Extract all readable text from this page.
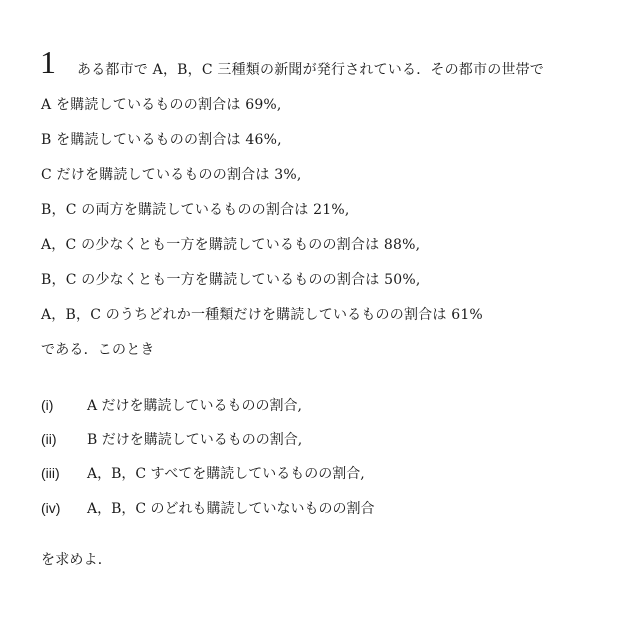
1 ある都市で A，B，C 三種類の新聞が発行されている．その都市の世帯で
A を購読しているものの割合は 69%,
B を購読しているものの割合は 46%,
C だけを購読しているものの割合は 3%,
B，C の両方を購読しているものの割合は 21%,
A，C の少なくとも一方を購読しているものの割合は 88%,
B，C の少なくとも一方を購読しているものの割合は 50%,
A，B，C のうちどれか一種類だけを購読しているものの割合は 61%
である．このとき
(i) A だけを購読しているものの割合,
(ii) B だけを購読しているものの割合,
(iii) A，B，C すべてを購読しているものの割合,
(iv) A，B，C のどれも購読していないものの割合
を求めよ．
